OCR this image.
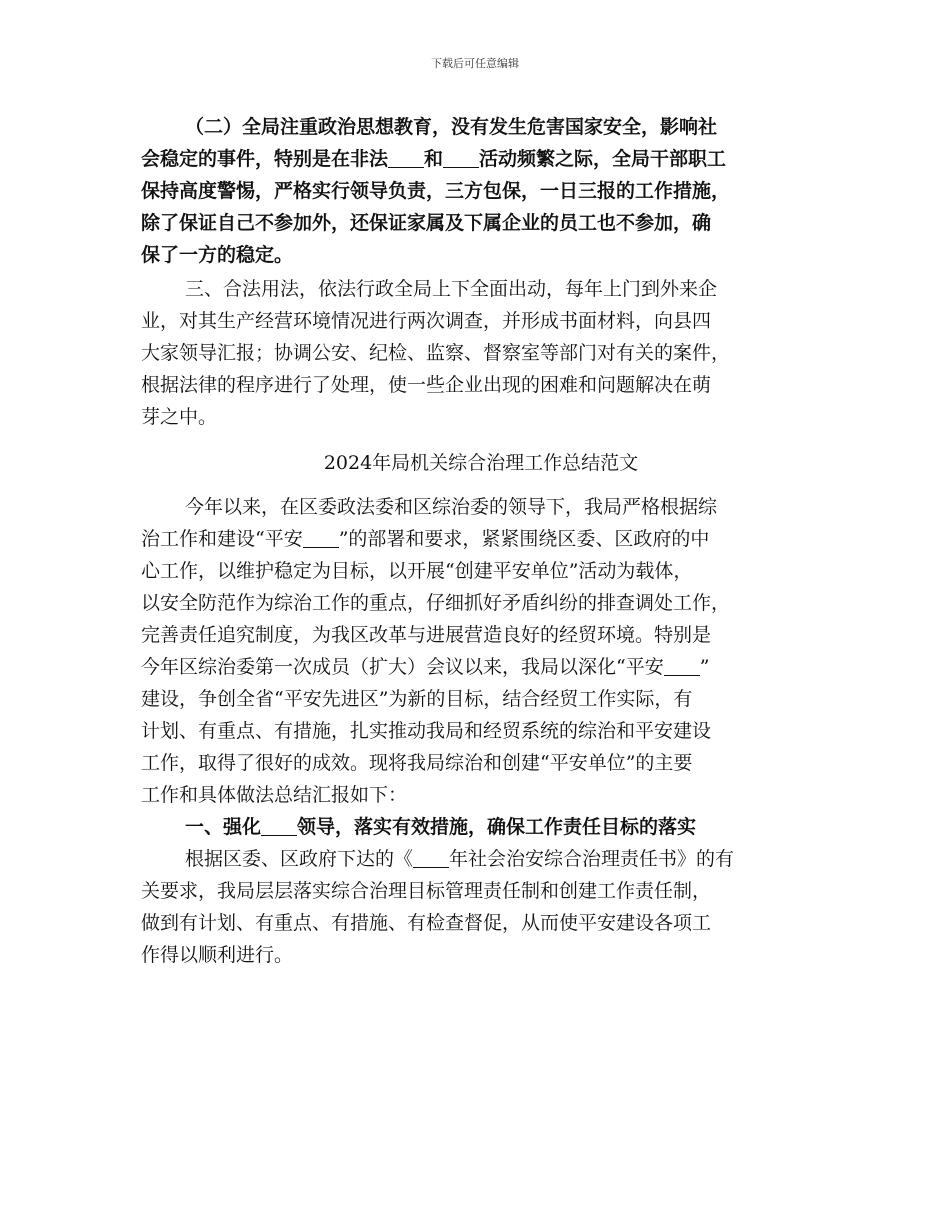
下载后可任意编辑
（二）全局注重政治思想教育，没有发生危害国家安全，影响社
会稳定的事件，特别是在非法 和 活动频繁之际，全局干部职工
保持高度警惕，严格实行领导负责，三方包保，一日三报的工作措施，
除了保证自己不参加外，还保证家属及下属企业的员工也不参加，确
保了一方的稳定。
三、合法用法，依法行政全局上下全面出动，每年上门到外来企
业，对其生产经营环境情况进行两次调查，并形成书面材料，向县四
大家领导汇报；协调公安、纪检、监察、督察室等部门对有关的案件，
根据法律的程序进行了处理，使一些企业出现的困难和问题解决在萌
芽之中。
2024年局机关综合治理工作总结范文
今年以来，在区委政法委和区综治委的领导下，我局严格根据综
治工作和建设“平安 ”的部署和要求，紧紧围绕区委、区政府的中
心工作，以维护稳定为目标，以开展“创建平安单位”活动为载体，
以安全防范作为综治工作的重点，仔细抓好矛盾纠纷的排查调处工作，
完善责任追究制度，为我区改革与进展营造良好的经贸环境。特别是
今年区综治委第一次成员（扩大）会议以来，我局以深化“平安 ”
建设，争创全省“平安先进区”为新的目标，结合经贸工作实际，有
计划、有重点、有措施，扎实推动我局和经贸系统的综治和平安建设
工作，取得了很好的成效。现将我局综治和创建“平安单位”的主要
工作和具体做法总结汇报如下：
一、强化 领导，落实有效措施，确保工作责任目标的落实
根据区委、区政府下达的《 年社会治安综合治理责任书》的有
关要求，我局层层落实综合治理目标管理责任制和创建工作责任制，
做到有计划、有重点、有措施、有检查督促，从而使平安建设各项工
作得以顺利进行。
